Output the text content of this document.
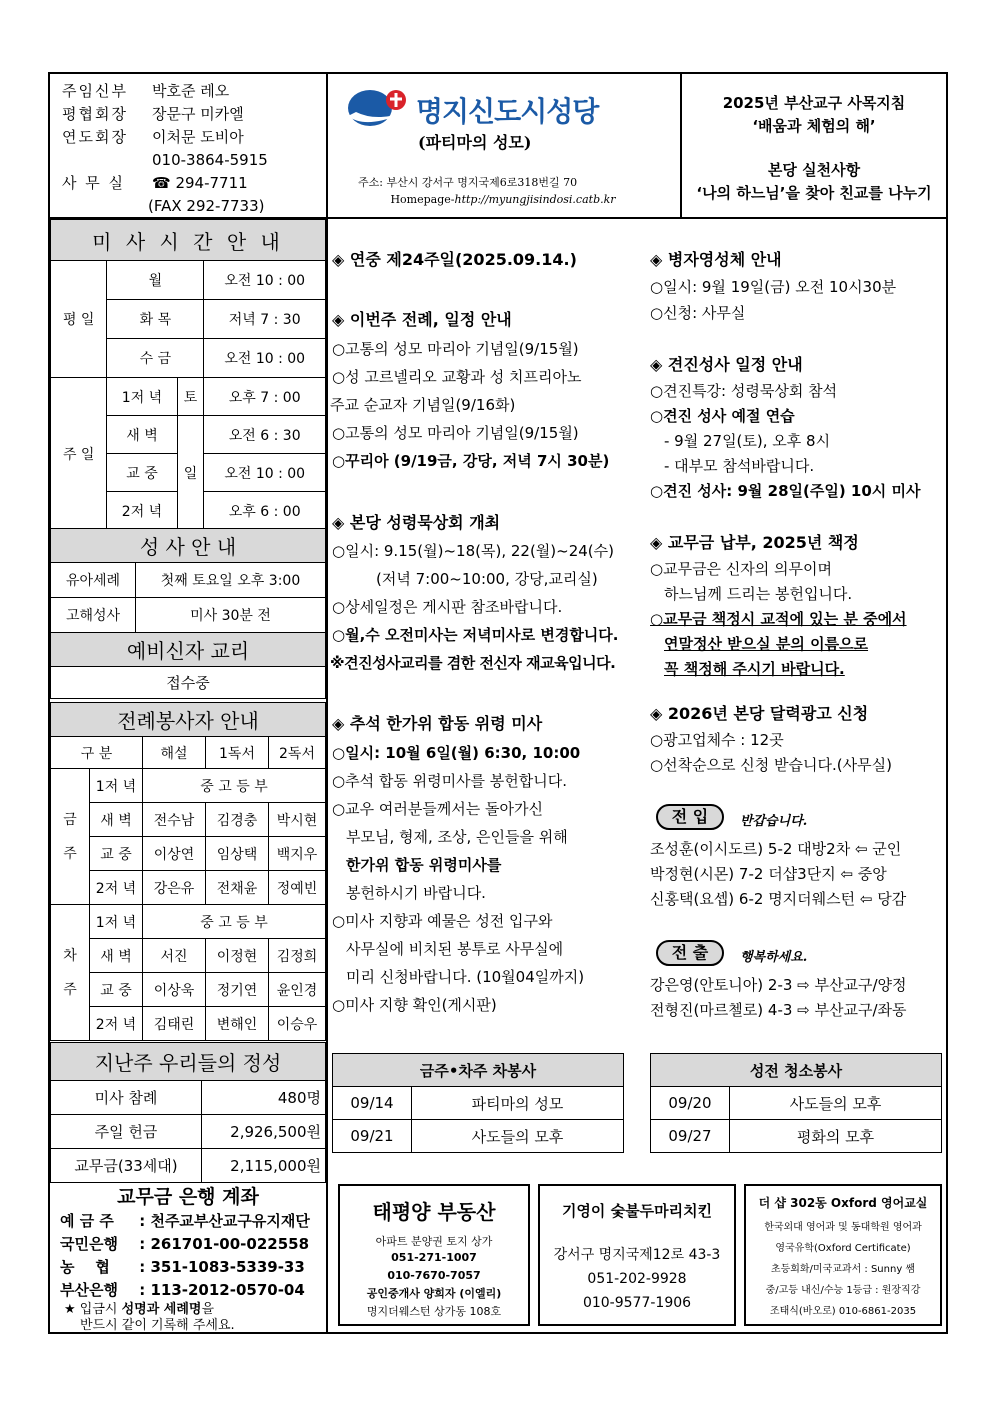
주임신부 박호준 레오
평협회장 장문구 미카엘
연도회장 이처문 도비아
010-3864-5915
사 무 실 ☎ 294-7711
(FAX 292-7733)
명지신도시성당
(파티마의 성모)
주소: 부산시 강서구 명지국제6로318번길 70
Homepage-http://myungjisindosi.catb.kr
2025년 부산교구 사목지침
‘배움과 체험의 해’
본당 실천사항
‘나의 하느님’을 찾아 친교를 나누기
미 사 시 간 안 내			
평 일	월		오전 10 : 00
	화 목		저녁 7 : 30
	수 금		오전 10 : 00
주 일	1저 녁	토	오후 7 : 00
	새 벽	일	오전 6 : 30
	교 중		오전 10 : 00
	2저 녁		오후 6 : 00
성 사 안 내	
유아세례	첫째 토요일 오후 3:00
고해성사	미사 30분 전
예비신자 교리	
접수중	
전례봉사자 안내				
구 분		해설	1독서	2독서
금
주	1저 녁	중 고 등 부		
	새 벽	전수남	김경충	박시현
	교 중	이상연	임상택	백지우
	2저 녁	강은유	전채윤	정예빈
차
주	1저 녁	중 고 등 부		
	새 벽	서진	이정현	김정희
	교 중	이상욱	정기연	윤인경
	2저 녁	김태린	변해인	이승우
지난주 우리들의 정성	
미사 참례	480명
주일 헌금	2,926,500원
교무금(33세대)	2,115,000원
교무금 은행 계좌
예 금 주 : 천주교부산교구유지재단
국민은행 : 261701-00-022558
농    협 : 351-1083-5339-33
부산은행 : 113-2012-0570-04
★ 입금시 성명과 세례명을
반드시 같이 기록해 주세요.
◈ 연중 제24주일(2025.09.14.)
◈ 이번주 전례, 일정 안내
○고통의 성모 마리아 기념일(9/15월)
○성 고르넬리오 교황과 성 치프리아노
주교 순교자 기념일(9/16화)
○고통의 성모 마리아 기념일(9/15월)
○꾸리아 (9/19금, 강당, 저녁 7시 30분)
◈ 본당 성령묵상회 개최
○일시: 9.15(월)~18(목), 22(월)~24(수)
(저녁 7:00~10:00, 강당,교리실)
○상세일정은 게시판 참조바랍니다.
○월,수 오전미사는 저녁미사로 변경합니다.
※견진성사교리를 겸한 전신자 재교육입니다.
◈ 추석 한가위 합동 위령 미사
○일시: 10월 6일(월) 6:30, 10:00
○추석 합동 위령미사를 봉헌합니다.
○교우 여러분들께서는 돌아가신
부모님, 형제, 조상, 은인들을 위해
한가위 합동 위령미사를
봉헌하시기 바랍니다.
○미사 지향과 예물은 성전 입구와
사무실에 비치된 봉투로 사무실에
미리 신청바랍니다. (10월04일까지)
○미사 지향 확인(게시판)
◈ 병자영성체 안내
○일시: 9월 19일(금) 오전 10시30분
○신청: 사무실
◈ 견진성사 일정 안내
○견진특강: 성령묵상회 참석
○견진 성사 예절 연습
- 9월 27일(토), 오후 8시
- 대부모 참석바랍니다.
○견진 성사: 9월 28일(주일) 10시 미사
◈ 교무금 납부, 2025년 책정
○교무금은 신자의 의무이며
하느님께 드리는 봉헌입니다.
○교무금 책정시 교적에 있는 분 중에서
연말정산 받으실 분의 이름으로
꼭 책정해 주시기 바랍니다.
◈ 2026년 본당 달력광고 신청
○광고업체수 : 12곳
○선착순으로 신청 받습니다.(사무실)
전 입	반갑습니다.
조성훈(이시도르) 5-2 대방2차 ⇦ 군인
박정현(시몬) 7-2 더샵3단지 ⇦ 중앙
신홍택(요셉) 6-2 명지더웨스턴 ⇦ 당감
전 출	행복하세요.
강은영(안토니아) 2-3 ⇨ 부산교구/양정
전형진(마르첼로) 4-3 ⇨ 부산교구/좌동
금주•차주 차봉사	
09/14	파티마의 성모
09/21	사도들의 모후
성전 청소봉사	
09/20	사도들의 모후
09/27	평화의 모후
태평양 부동산
아파트 분양권 토지 상가
051-271-1007
010-7670-7057
공인중개사 양희자 (이엘리)
명지더웨스턴 상가동 108호
기영이 숯불두마리치킨
강서구 명지국제12로 43-3
051-202-9928
010-9577-1906
더 샵 302동 Oxford 영어교실
한국외대 영어과 및 동대학원 영어과
영국유학(Oxford Certificate)
초등회화/미국교과서 : Sunny 쌤
중/고등 내신/수능 1등급 : 원장직강
조태식(바오로) 010-6861-2035
